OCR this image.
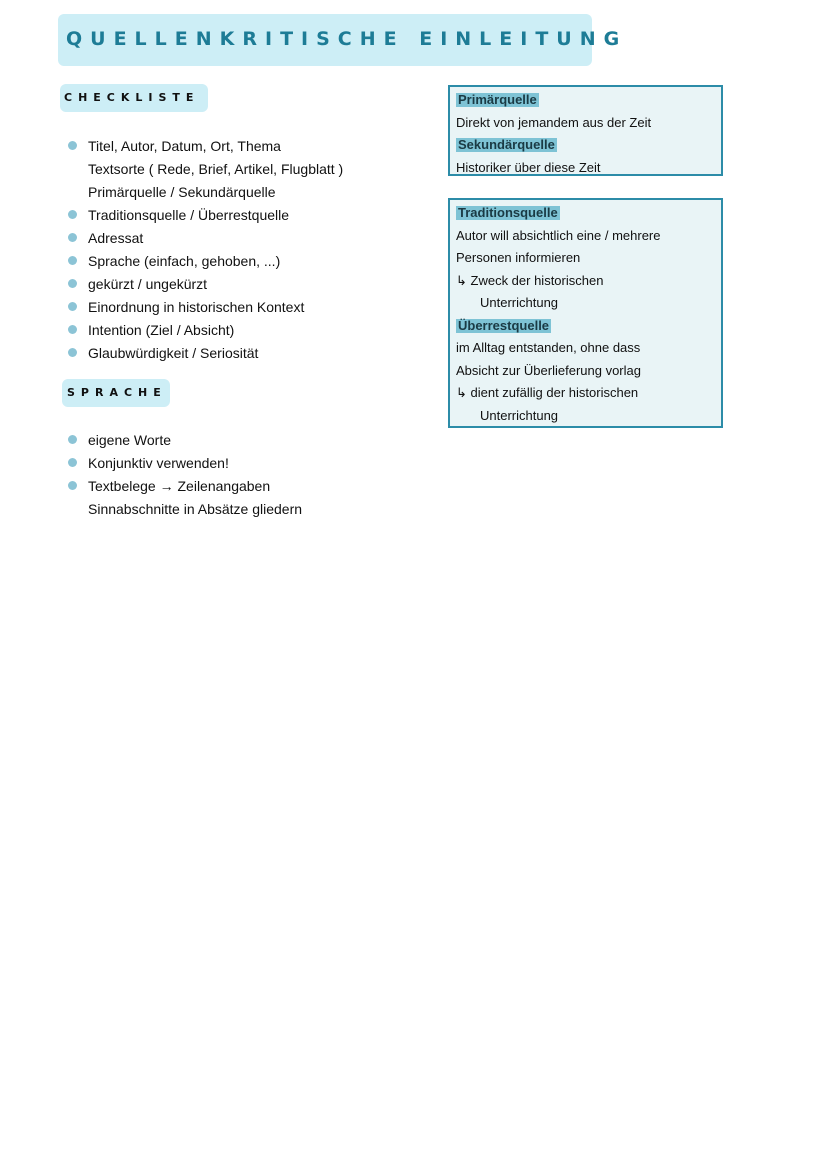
QUELLENKRITISCHE EINLEITUNG
CHECKLISTE
Titel, Autor, Datum, Ort, Thema
Textsorte ( Rede, Brief, Artikel, Flugblatt )
Primärquelle / Sekundärquelle
Traditionsquelle / Überrestquelle
Adressat
Sprache (einfach, gehoben, ...)
gekürzt / ungekürzt
Einordnung in historischen Kontext
Intention (Ziel / Absicht)
Glaubwürdigkeit / Seriosität
SPRACHE
eigene Worte
Konjunktiv verwenden!
Textbelege → Zeilenangaben
Sinnabschnitte in Absätze gliedern
Primärquelle
Direkt von jemandem aus der Zeit
Sekundärquelle
Historiker über diese Zeit
Traditionsquelle
Autor will absichtlich eine / mehrere
Personen informieren
↳ Zweck der historischen
Unterrichtung
Überrestquelle
im Alltag entstanden, ohne dass
Absicht zur Überlieferung vorlag
↳ dient zufällig der historischen
Unterrichtung
